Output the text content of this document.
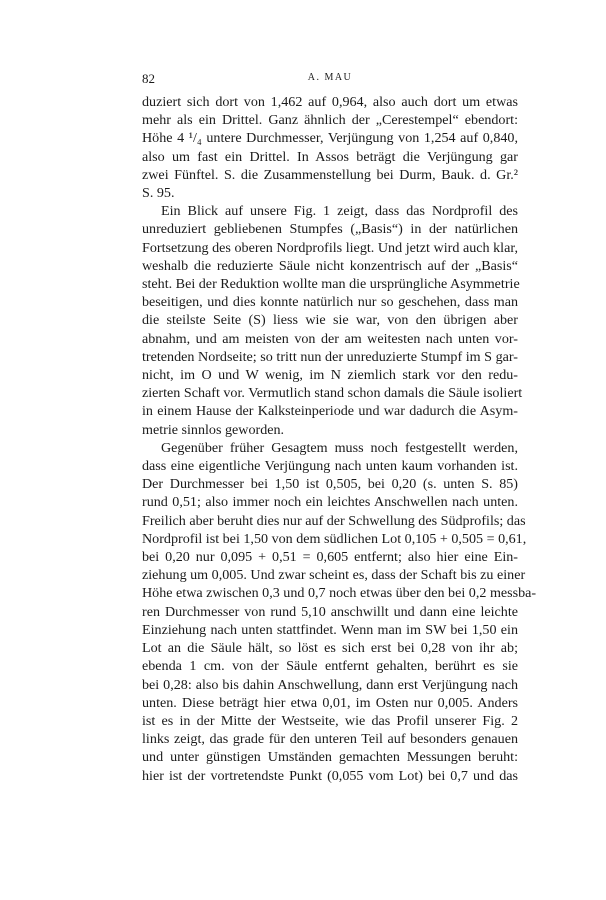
82	A. MAU
duziert sich dort von 1,462 auf 0,964, also auch dort um etwas
mehr als ein Drittel. Ganz ähnlich der „Cerestempel“ ebendort:
Höhe 4 ¹/₄ untere Durchmesser, Verjüngung von 1,254 auf 0,840,
also um fast ein Drittel. In Assos beträgt die Verjüngung gar
zwei Fünftel. S. die Zusammenstellung bei Durm, Bauk. d. Gr.²
S. 95.
Ein Blick auf unsere Fig. 1 zeigt, dass das Nordprofil des
unreduziert gebliebenen Stumpfes („Basis“) in der natürlichen
Fortsetzung des oberen Nordprofils liegt. Und jetzt wird auch klar,
weshalb die reduzierte Säule nicht konzentrisch auf der „Basis“
steht. Bei der Reduktion wollte man die ursprüngliche Asymmetrie
beseitigen, und dies konnte natürlich nur so geschehen, dass man
die steilste Seite (S) liess wie sie war, von den übrigen aber
abnahm, und am meisten von der am weitesten nach unten vor-
tretenden Nordseite; so tritt nun der unreduzierte Stumpf im S gar-
nicht, im O und W wenig, im N ziemlich stark vor den redu-
zierten Schaft vor. Vermutlich stand schon damals die Säule isoliert
in einem Hause der Kalksteinperiode und war dadurch die Asym-
metrie sinnlos geworden.
Gegenüber früher Gesagtem muss noch festgestellt werden,
dass eine eigentliche Verjüngung nach unten kaum vorhanden ist.
Der Durchmesser bei 1,50 ist 0,505, bei 0,20 (s. unten S. 85)
rund 0,51; also immer noch ein leichtes Anschwellen nach unten.
Freilich aber beruht dies nur auf der Schwellung des Südprofils; das
Nordprofil ist bei 1,50 von dem südlichen Lot 0,105 + 0,505 = 0,61,
bei 0,20 nur 0,095 + 0,51 = 0,605 entfernt; also hier eine Ein-
ziehung um 0,005. Und zwar scheint es, dass der Schaft bis zu einer
Höhe etwa zwischen 0,3 und 0,7 noch etwas über den bei 0,2 messba-
ren Durchmesser von rund 5,10 anschwillt und dann eine leichte
Einziehung nach unten stattfindet. Wenn man im SW bei 1,50 ein
Lot an die Säule hält, so löst es sich erst bei 0,28 von ihr ab;
ebenda 1 cm. von der Säule entfernt gehalten, berührt es sie
bei 0,28: also bis dahin Anschwellung, dann erst Verjüngung nach
unten. Diese beträgt hier etwa 0,01, im Osten nur 0,005. Anders
ist es in der Mitte der Westseite, wie das Profil unserer Fig. 2
links zeigt, das grade für den unteren Teil auf besonders genauen
und unter günstigen Umständen gemachten Messungen beruht:
hier ist der vortretendste Punkt (0,055 vom Lot) bei 0,7 und das
